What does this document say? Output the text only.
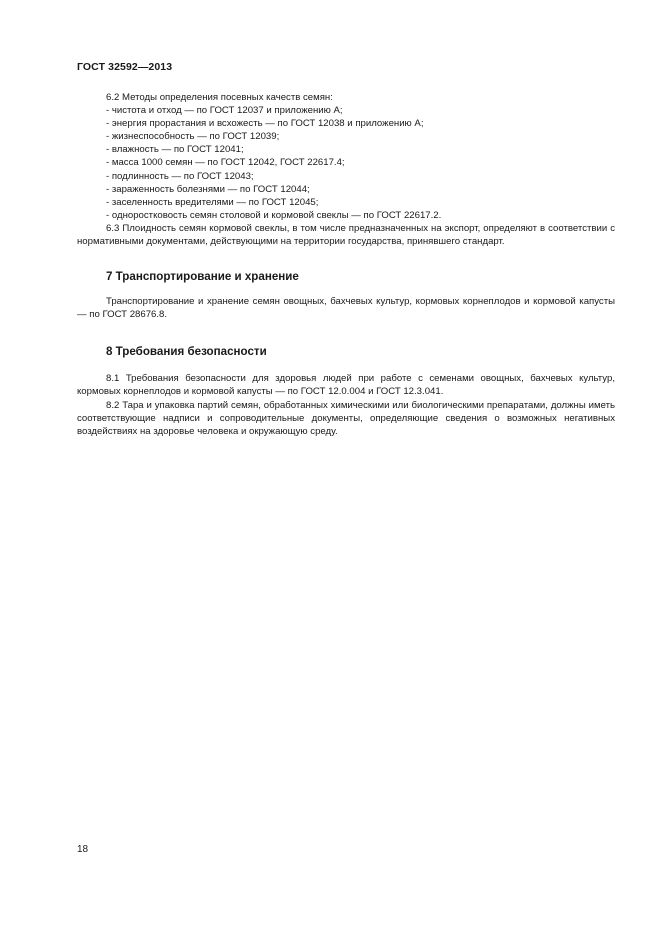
ГОСТ 32592—2013

6.2 Методы определения посевных качеств семян:

- чистота и отход — по ГОСТ 12037 и приложению А;

- энергия прорастания и всхожесть — по ГОСТ 12038 и приложению А;

- жизнеспособность — по ГОСТ 12039;

- влажность — по ГОСТ 12041;

- масса 1000 семян — по ГОСТ 12042, ГОСТ 22617.4;

- подлинность — по ГОСТ 12043;

- зараженность болезнями — по ГОСТ 12044;

- заселенность вредителями — по ГОСТ 12045;

- одноростковость семян столовой и кормовой свеклы — по ГОСТ 22617.2.

6.3 Плоидность семян кормовой свеклы, в том числе предназначенных на экспорт, определяют в соответствии с нормативными документами, действующими на территории государства, принявшего стандарт.

7 Транспортирование и хранение

Транспортирование и хранение семян овощных, бахчевых культур, кормовых корнеплодов и кормовой капусты — по ГОСТ 28676.8.

8 Требования безопасности

8.1 Требования безопасности для здоровья людей при работе с семенами овощных, бахчевых культур, кормовых корнеплодов и кормовой капусты — по ГОСТ 12.0.004 и ГОСТ 12.3.041.

8.2 Тара и упаковка партий семян, обработанных химическими или биологическими препаратами, должны иметь соответствующие надписи и сопроводительные документы, определяющие сведения о возможных негативных воздействиях на здоровье человека и окружающую среду.

18
